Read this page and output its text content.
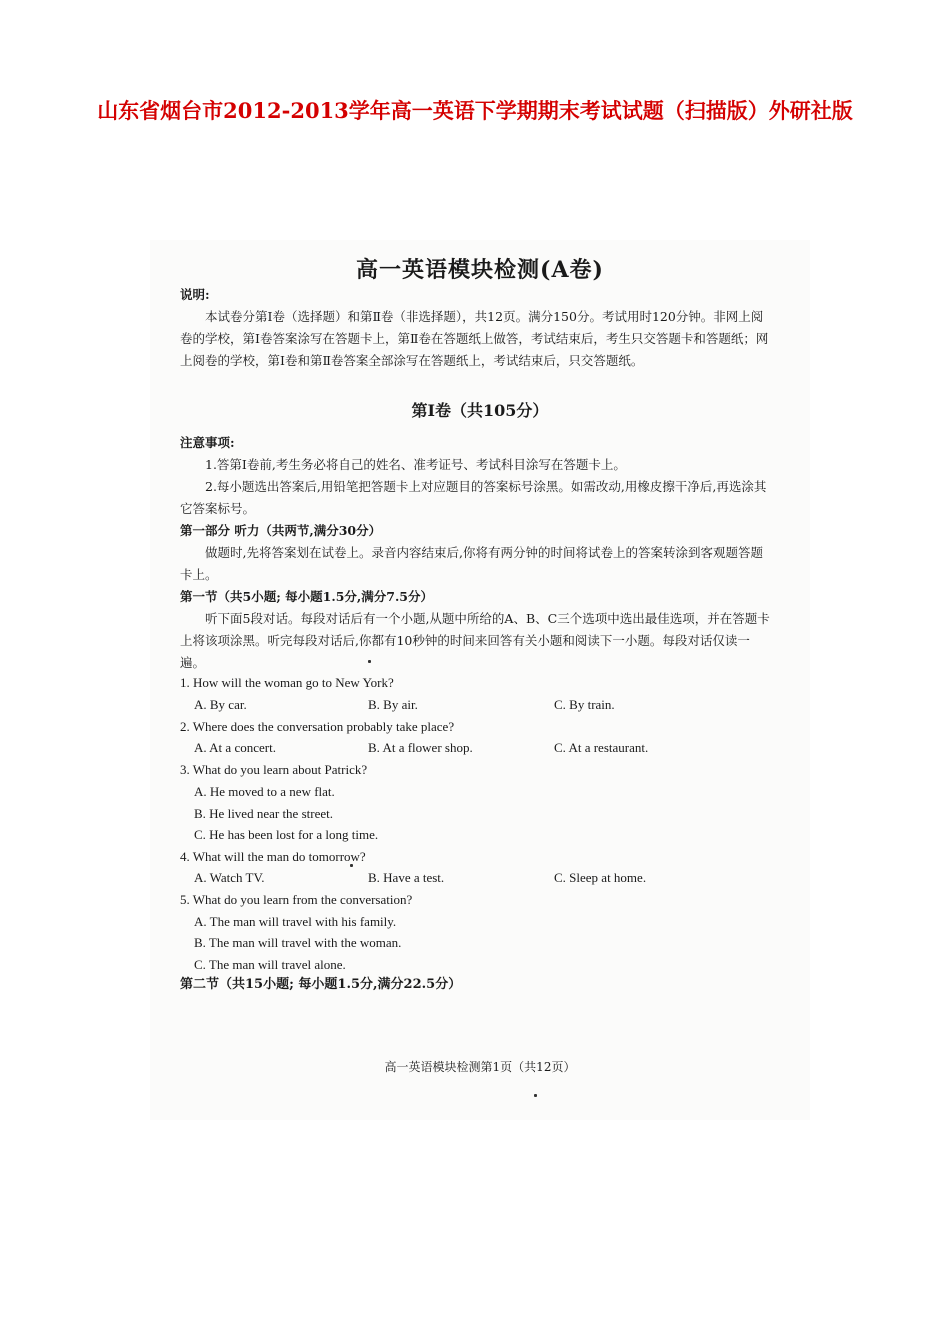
山东省烟台市2012-2013学年高一英语下学期期末考试试题（扫描版）外研社版
高一英语模块检测(A卷)
说明:
本试卷分第Ⅰ卷（选择题）和第Ⅱ卷（非选择题），共12页。满分150分。考试用时120分钟。非网上阅卷的学校，第Ⅰ卷答案涂写在答题卡上，第Ⅱ卷在答题纸上做答，考试结束后，考生只交答题卡和答题纸；网上阅卷的学校，第Ⅰ卷和第Ⅱ卷答案全部涂写在答题纸上，考试结束后，只交答题纸。
第Ⅰ卷（共105分）
注意事项:
1.答第Ⅰ卷前,考生务必将自己的姓名、准考证号、考试科目涂写在答题卡上。
2.每小题选出答案后,用铅笔把答题卡上对应题目的答案标号涂黑。如需改动,用橡皮擦干净后,再选涂其它答案标号。
第一部分 听力（共两节,满分30分）
做题时,先将答案划在试卷上。录音内容结束后,你将有两分钟的时间将试卷上的答案转涂到客观题答题卡上。
第一节（共5小题; 每小题1.5分,满分7.5分）
听下面5段对话。每段对话后有一个小题,从题中所给的A、B、C三个选项中选出最佳选项，并在答题卡上将该项涂黑。听完每段对话后,你都有10秒钟的时间来回答有关小题和阅读下一小题。每段对话仅读一遍。
1. How will the woman go to New York?
A. By car.	B. By air.	C. By train.
2. Where does the conversation probably take place?
A. At a concert.	B. At a flower shop.	C. At a restaurant.
3. What do you learn about Patrick?
A. He moved to a new flat.
B. He lived near the street.
C. He has been lost for a long time.
4. What will the man do tomorrow?
A. Watch TV.	B. Have a test.	C. Sleep at home.
5. What do you learn from the conversation?
A. The man will travel with his family.
B. The man will travel with the woman.
C. The man will travel alone.
第二节（共15小题; 每小题1.5分,满分22.5分）
高一英语模块检测第1页（共12页）
